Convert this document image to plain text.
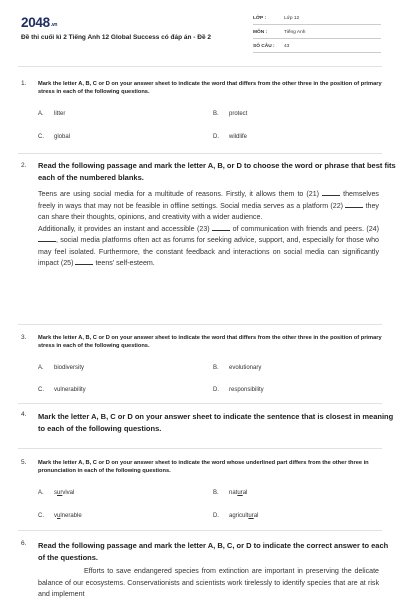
$2048_{.vn}$
Đề thi cuối kì 2 Tiếng Anh 12 Global Success có đáp án - Đề 2
LỚP :	Lớp 12
MÔN :	Tiếng Anh
SỐ CÂU :	43
1. Mark the letter A, B, C or D on your answer sheet to indicate the word that differs from the other three in the position of primary stress in each of the following questions.
A. litter	B. protect
C. global	D. wildlife
2. Read the following passage and mark the letter A, B, or D to choose the word or phrase that best fits each of the numbered blanks.

Teens are using social media for a multitude of reasons. Firstly, it allows them to (21)	themselves freely in ways that may not be feasible in offline settings. Social media serves as a platform (22)	they can share their thoughts, opinions, and creativity with a wider audience.

Additionally, it provides an instant and accessible (23)	of communication with friends and peers. (24) , social media platforms often act as forums for seeking advice, support, and, especially for those who may feel isolated. Furthermore, the constant feedback and interactions on social media can significantly impact (25)	teens' self-esteem.

3. Mark the letter A, B, C or D on your answer sheet to indicate the word that differs from the other three in the position of primary stress in each of the following questions.
A. biodiversity	B. evolutionary
C. vulnerability	D. responsibility
4. Mark the letter A, B, C or D on your answer sheet to indicate the sentence that is closest in meaning to each of the following questions.
5. Mark the letter A, B, C or D on your answer sheet to indicate the word whose underlined part differs from the other three in pronunciation in each of the following questions.
A. survival	B. natural
C. vulnerable	D. agricultural
6. Read the following passage and mark the letter A, B, C, or D to indicate the correct answer to each of the questions.

Efforts to save endangered species from extinction are important in preserving the delicate balance of our ecosystems. Conservationists and scientists work tirelessly to identify species that are at risk and implement
